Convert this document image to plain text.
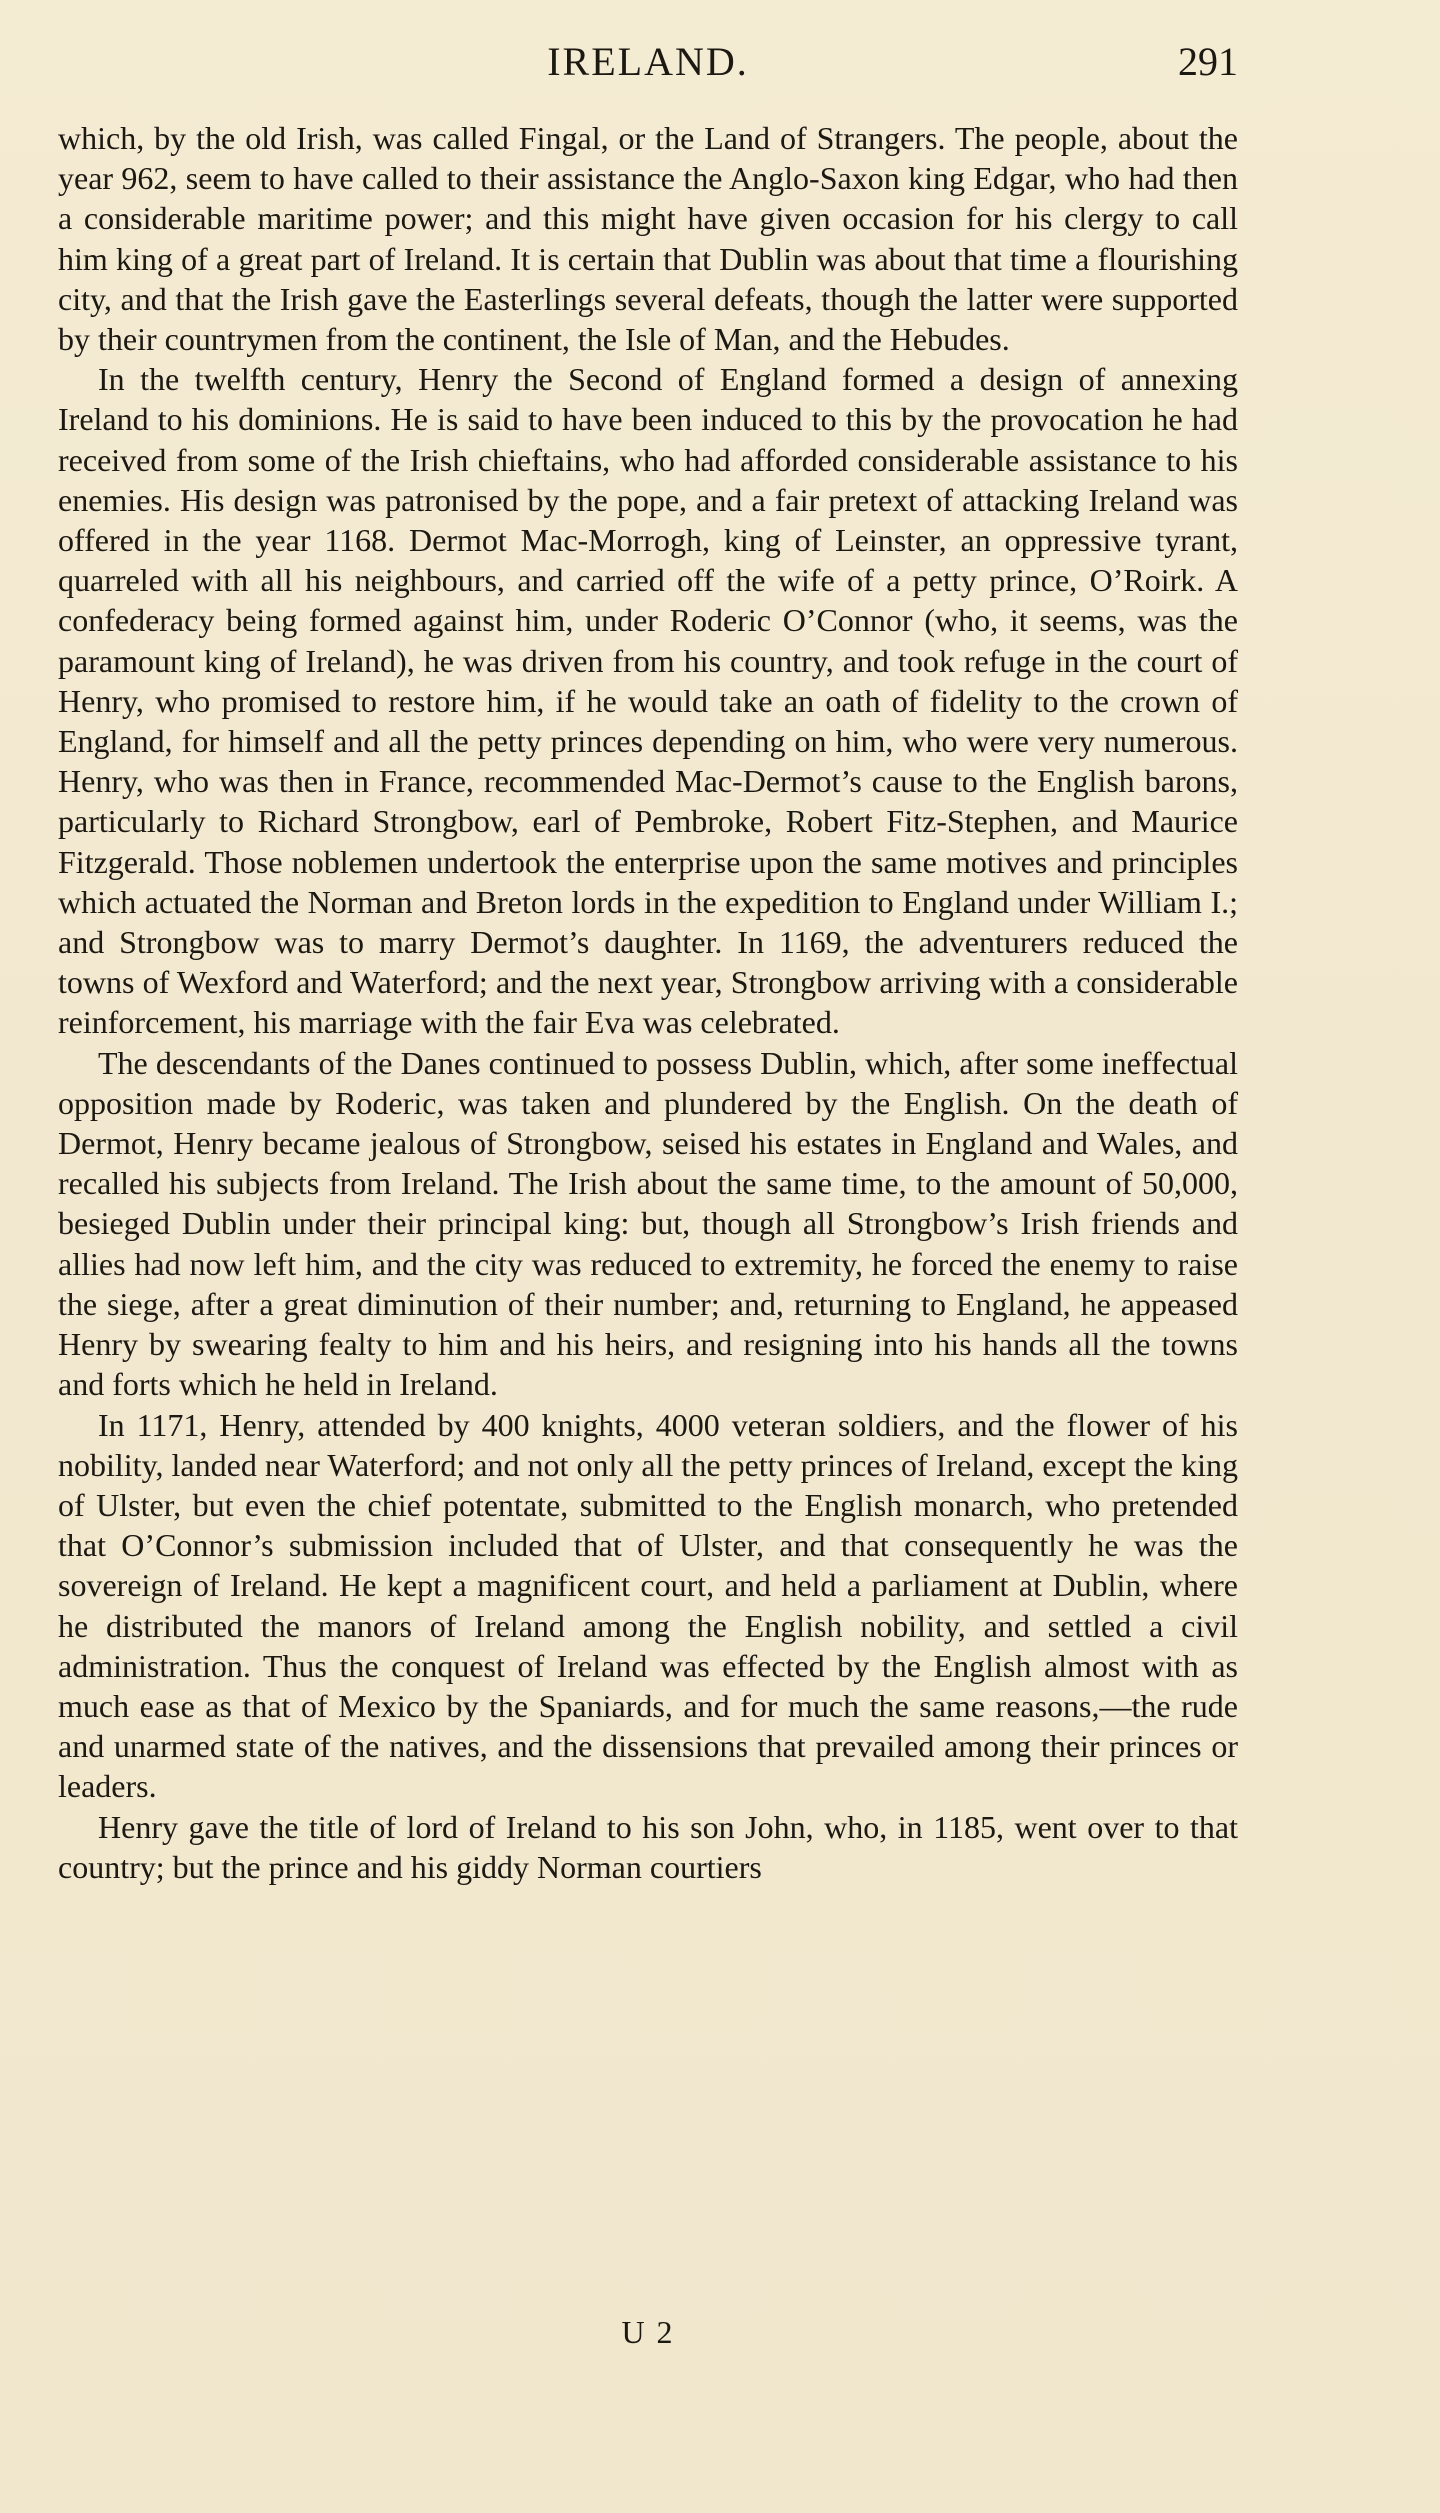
IRELAND.	291

which, by the old Irish, was called Fingal, or the Land of Strangers. The people, about the year 962, seem to have called to their assistance the Anglo-Saxon king Edgar, who had then a considerable maritime power; and this might have given occasion for his clergy to call him king of a great part of Ireland. It is certain that Dublin was about that time a flourishing city, and that the Irish gave the Easterlings several defeats, though the latter were supported by their countrymen from the continent, the Isle of Man, and the Hebudes.

In the twelfth century, Henry the Second of England formed a design of annexing Ireland to his dominions. He is said to have been induced to this by the provocation he had received from some of the Irish chieftains, who had afforded considerable assistance to his enemies. His design was patronised by the pope, and a fair pretext of attacking Ireland was offered in the year 1168. Dermot Mac-Morrogh, king of Leinster, an oppressive tyrant, quarreled with all his neighbours, and carried off the wife of a petty prince, O’Roirk. A confederacy being formed against him, under Roderic O’Connor (who, it seems, was the paramount king of Ireland), he was driven from his country, and took refuge in the court of Henry, who promised to restore him, if he would take an oath of fidelity to the crown of England, for himself and all the petty princes depending on him, who were very numerous. Henry, who was then in France, recommended Mac-Dermot’s cause to the English barons, particularly to Richard Strongbow, earl of Pembroke, Robert Fitz-Stephen, and Maurice Fitzgerald. Those noblemen undertook the enterprise upon the same motives and principles which actuated the Norman and Breton lords in the expedition to England under William I.; and Strongbow was to marry Dermot’s daughter. In 1169, the adventurers reduced the towns of Wexford and Waterford; and the next year, Strongbow arriving with a considerable reinforcement, his marriage with the fair Eva was celebrated.

The descendants of the Danes continued to possess Dublin, which, after some ineffectual opposition made by Roderic, was taken and plundered by the English. On the death of Dermot, Henry became jealous of Strongbow, seised his estates in England and Wales, and recalled his subjects from Ireland. The Irish about the same time, to the amount of 50,000, besieged Dublin under their principal king: but, though all Strongbow’s Irish friends and allies had now left him, and the city was reduced to extremity, he forced the enemy to raise the siege, after a great diminution of their number; and, returning to England, he appeased Henry by swearing fealty to him and his heirs, and resigning into his hands all the towns and forts which he held in Ireland.

In 1171, Henry, attended by 400 knights, 4000 veteran soldiers, and the flower of his nobility, landed near Waterford; and not only all the petty princes of Ireland, except the king of Ulster, but even the chief potentate, submitted to the English monarch, who pretended that O’Connor’s submission included that of Ulster, and that consequently he was the sovereign of Ireland. He kept a magnificent court, and held a parliament at Dublin, where he distributed the manors of Ireland among the English nobility, and settled a civil administration. Thus the conquest of Ireland was effected by the English almost with as much ease as that of Mexico by the Spaniards, and for much the same reasons,—the rude and unarmed state of the natives, and the dissensions that prevailed among their princes or leaders.

Henry gave the title of lord of Ireland to his son John, who, in 1185, went over to that country; but the prince and his giddy Norman courtiers

U 2
